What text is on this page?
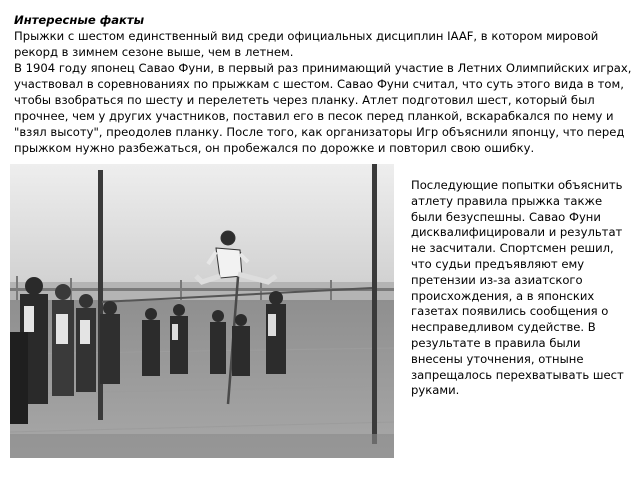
Интересные факты
Прыжки с шестом единственный вид среди официальных дисциплин IAAF, в котором мировой рекорд в зимнем сезоне выше, чем в летнем.
В 1904 году японец Савао Фуни, в первый раз принимающий участие в Летних Олимпийских играх, участвовал в соревнованиях по прыжкам с шестом. Савао Фуни считал, что суть этого вида в том, чтобы взобраться по шесту и перелететь через планку. Атлет подготовил шест, который был прочнее, чем у других участников, поставил его в песок перед планкой, вскарабкался по нему и "взял высоту", преодолев планку. После того, как организаторы Игр объяснили японцу, что перед прыжком нужно разбежаться, он пробежался по дорожке и повторил свою ошибку.

Последующие попытки объяснить атлету правила прыжка также были безуспешны. Савао Фуни дисквалифицировали и результат не засчитали. Спортсмен решил, что судьи предъявляют ему претензии из-за азиатского происхождения, а в японских газетах появились сообщения о несправедливом судействе. В результате в правила были внесены уточнения, отныне запрещалось перехватывать шест руками.
